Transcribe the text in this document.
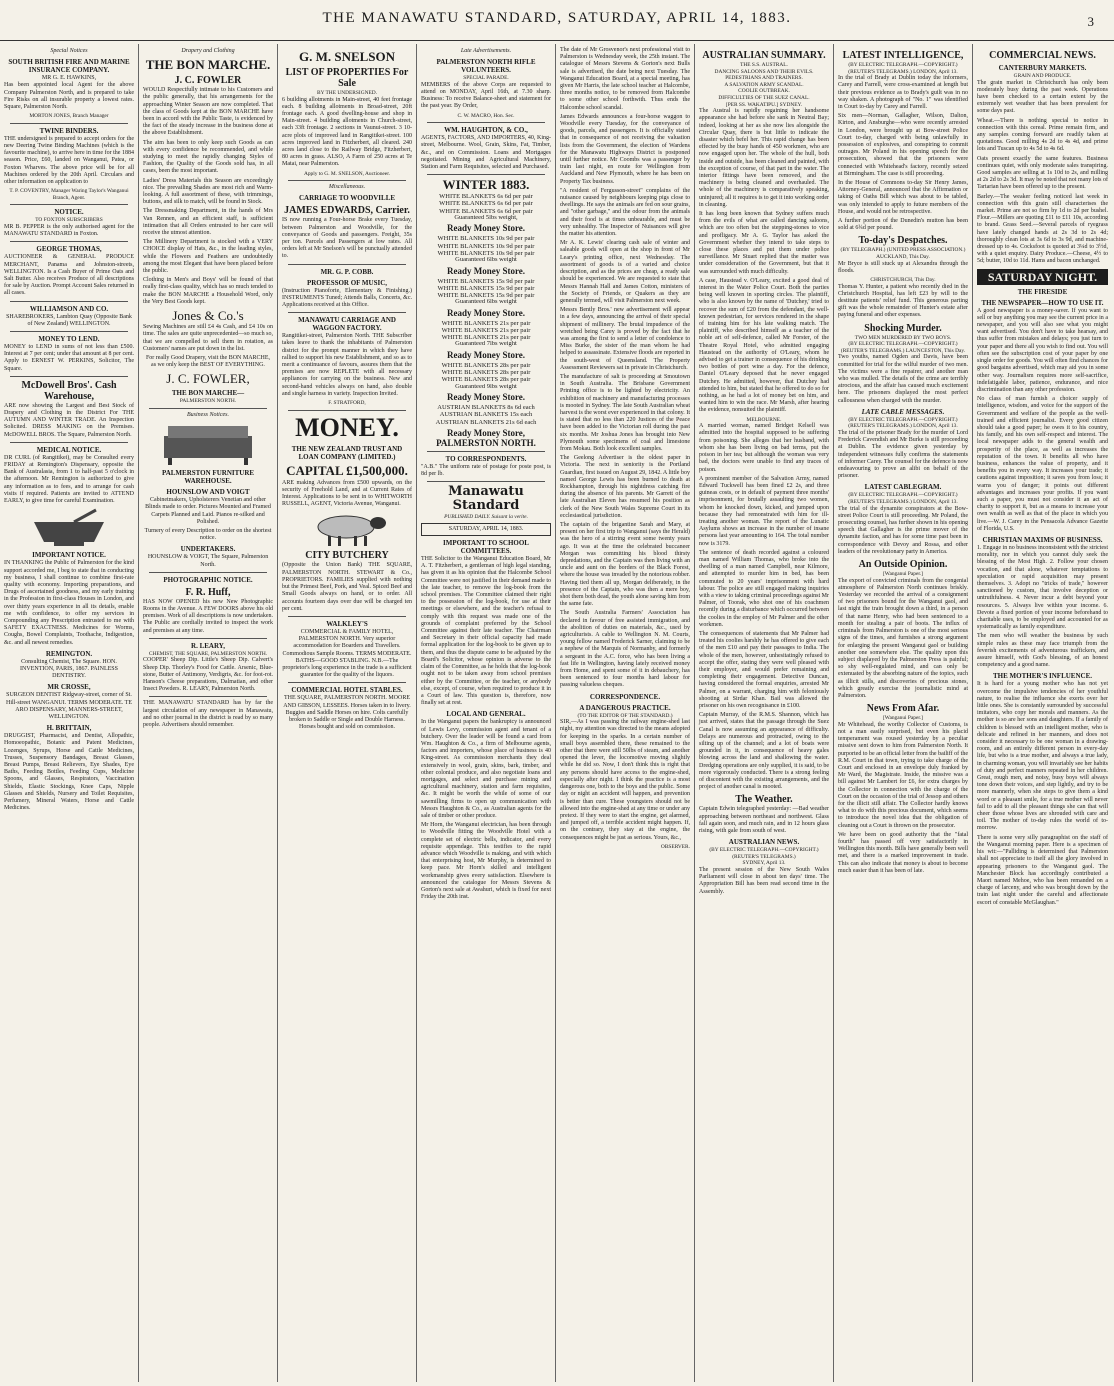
THE MANAWATU STANDARD, SATURDAY, APRIL 14, 1883.	3
Special Notices
SOUTH BRITISH FIRE AND MARINE INSURANCE COMPANY.
MR G. E. HAWKINS,
Has been appointed local Agent for the above Company Palmerston North, and is prepared to take Fire Risks on all insurable property a lowest rates. Square, Palmerston North.
MORTON JONES, Branch Manager
TWINE BINDERS.
THE undersigned is prepared to accept orders for the new Deering Twine Binding Machines (which is the favourite machine), to arrive here in time for the 1884 season. Price, £60, landed on Wanganui, Patea, or Foxton Wharves. The above price will be for all Machines ordered by the 20th April. Circulars and other information on application to
T. P. COVENTRY, Manager Waring Taylor's Wanganui Branch, Agent.
NOTICE.
TO FOXTON SUBSCRIBERS
MR B. PEPPER is the only authorised agent for the MANAWATU STANDARD in Foxton.
GEORGE THOMAS,
AUCTIONEER & GENERAL PRODUCE MERCHANT, Panama and Johnston-streets, WELLINGTON. Is a Cash Buyer of Prime Oats and Salt Butter. Also receives Produce of all descriptions for sale by Auction. Prompt Account Sales returned in all cases.
WILLIAMSON AND CO.
SHAREBROKERS, Lambton Quay (Opposite Bank of New Zealand) WELLINGTON.
MONEY TO LEND.
MONEY to LEND in sums of not less than £500. Interest at 7 per cent; under that amount at 8 per cent. Apply to ERNEST W. PERKINS, Solicitor, The Square.
McDowell Bros'. Cash Warehouse,
ARE now showing the Largest and Best Stock of Drapery and Clothing in the District For THE AUTUMN AND WINTER TRADE. An Inspection Solicited. DRESS MAKING on the Premises. McDOWELL BROS. The Square, Palmerston North.
MEDICAL NOTICE.
DR CURL (of Rangitikei), may be Consulted every FRIDAY at Remington's Dispensary, opposite the Bank of Australasia, from 1 to half-past 5 o'clock in the afternoon. Mr Remington is authorized to give any information as to fees, and to arrange for cash visits if required. Patients are invited to ATTEND EARLY, to give time for careful Examination.
IMPORTANT NOTICE.
IN THANKING the Public of Palmerston for the kind support accorded me, I beg to state that in conducting my business, I shall continue to combine first-rate quality with economy. Importing preparations, and Drugs of ascertained goodness, and my early training in the Profession in first-class Houses in London, and over thirty years experience in all its details, enable me with confidence, to offer my services in Compounding any Prescription entrusted to me with SAFETY EXACTNESS. Medicines for Worms, Coughs, Bowel Complaints, Toothache, Indigestion, &c. and all newest remedies.
REMINGTON.
Consulting Chemist, The Square. HON. INVENTION, PARIS, 1867. PAINLESS DENTISTRY.
MR CROSSE,
SURGEON DENTIST Ridgway-street, corner of St. Hill-street WANGANUI. TERMS MODERATE. TE ARO DISPENSARY, MANNERS-STREET, WELLINGTON.
H. BRITTAIN,
DRUGGIST, Pharmacist, and Dentist, Allopathic, Homoeopathic, Botanic and Patent Medicines, Lozenges, Syrups, Horse and Cattle Medicines, Trusses, Suspensory Bandages, Breast Glasses, Breast Pumps, Breast Relievers, Eye Shades, Eye Baths, Feeding Bottles, Feeding Cups, Medicine Spoons, and Glasses, Respirators, Vaccination Shields, Elastic Stockings, Knee Caps, Nipple Glasses and Shields, Nursery and Toilet Requisites, Perfumery, Mineral Waters, Horse and Cattle Medicines.
Drapery and Clothing
THE BON MARCHE.
J. C. FOWLER
WOULD Respectfully intimate to his Customers and the public generally, that his arrangements for the approaching Winter Season are now completed. That the class of Goods kept at the BON MARCHE have been in accord with the Public Taste, is evidenced by the fact of the steady increase in the business done at the above Establishment.
The aim has been to only keep such Goods as can with every confidence be recommended, and while studying to meet the rapidly changing Styles of Fashion, the Quality of the Goods sold has, in all cases, been the most important.
Ladies' Dress Materials this Season are exceedingly nice. The prevailing Shades are most rich and Warm-looking. A full assortment of these, with trimmings, buttons, and silk to match, will be found in Stock.
The Dressmaking Department, in the hands of Mrs Van Rennen, and an efficient staff, is sufficient intimation that all Orders entrusted to her care will receive the utmost attention.
The Millinery Department is stocked with a VERY CHOICE display of Hats, &c., in the leading styles, while the Flowers and Feathers are undoubtedly among the most Elegant that have been placed before the public.
Clothing in Men's and Boys' will be found of that really first-class quality, which has so much tended to make the BON MARCHE a Household Word, only the Very Best Goods kept.
Jones & Co.'s
Sewing Machines are still £4 4s Cash, and £4 10s on time. The sales are quite unprecedented—so much so, that we are compelled to sell them in rotation, as Customers' names are put down in the list.
For really Good Drapery, visit the BON MARCHE, as we only keep the BEST OF EVERYTHING.
J. C. FOWLER,
THE BON MARCHE—
PALMERSTON NORTH.
Business Notices.
PALMERSTON FURNITURE WAREHOUSE.
HOUNSLOW AND VOIGT
Cabinetmakers, Upholsterers Venetian and other Blinds made to order. Pictures Mounted and Framed Carpets Planned and Laid. Pianos re-silked and Polished.
Turnery of every Description to order on the shortest notice.
UNDERTAKERS.
HOUNSLOW & VOIGT, The Square, Palmerston North.
PHOTOGRAPHIC NOTICE.
F. R. Huff,
HAS NOW OPENED his new New Photographic Rooms in the Avenue. A FEW DOORS above his old premises. Work of all descriptions is now undertaken. The Public are cordially invited to inspect the work and premises at any time.
R. LEARY,
CHEMIST, THE SQUARE, PALMERSTON NORTH.
COOPER' Sheep Dip. Little's Sheep Dip. Calvert's Sheep Dip. Thorley's Food for Cattle. Arsenic, Blue-stone, Butter of Antimony, Verdigris, &c. for foot-rot. Hanson's Cheese preparations, Dalmatian, and other Insect Powders. R. LEARY, Palmerston North.
THE MANAWATU STANDARD has by far the largest circulation of any newspaper in Manawatu, and no other journal in the district is read by so many people. Advertisers should remember.
G. M. SNELSON
LIST OF PROPERTIES For Sale
BY THE UNDERSIGNED.
6 building allotments in Main-street, 40 feet frontage each. 8 building allotments in Broad-street, 20ft frontage each. A good dwelling-house and shop in Main-street. 4 building allotments in Church-street, each 33ft frontage. 2 sections in Vaunui-street. 3 10-acre plots of improved land in Rangitikei-street. 100 acres improved land in Fitzherbert, all cleared. 240 acres land close to the Railway Bridge, Fitzherbert, 80 acres in grass. ALSO, A Farm of 250 acres at Te Matai, near Palmerston.
Apply to G. M. SNELSON, Auctioneer.
Miscellaneous.
CARRIAGE TO WOODVILLE
JAMES EDWARDS, Carrier.
IS now running a Four-horse Brake every Tuesday, between Palmerston and Woodville, for the conveyance of Goods and passengers. Freight, 35s per ton. Parcels and Passengers at low rates. All orders left at Mr Snelson's will be punctually attended to.
MR. G. P. COBB.
PROFESSOR OF MUSIC,
(Instruction Pianoforte, Elementary & Finishing.) INSTRUMENTS Tuned; Attends Balls, Concerts, &c. Applications received at this Office.
MANAWATU CARRIAGE AND WAGGON FACTORY.
Rangitikei-street, Palmerston North. THE Subscriber takes leave to thank the inhabitants of Palmerston district for the prompt manner in which they have rallied to support his new Establishment, and so as to merit a continuance of favours, assures them that the premises are now REPLETE with all necessary appliances for carrying on the business. New and second-hand vehicles always on hand, also double and single harness in variety. Inspection Invited.
F. STRATFORD,
MONEY.
THE NEW ZEALAND TRUST AND LOAN COMPANY (LIMITED.)
CAPITAL £1,500,000.
ARE making Advances from £500 upwards, on the security of Freehold Land, and at Current Rates of Interest. Applications to be sent in to WHITWORTH RUSSELL, AGENT, Victoria Avenue, Wanganui.
CITY BUTCHERY
(Opposite the Union Bank) THE SQUARE, PALMERSTON NORTH. STEWART & Co., PROPRIETORS. FAMILIES supplied with nothing but the Primest Beef, Pork, and Veal. Spiced Beef and Small Goods always on hand, or to order. All accounts fourteen days over due will be charged ten per cent.
WALKLEY'S
COMMERCIAL & FAMILY HOTEL, PALMERSTON NORTH. Very superior accommodation for Boarders and Travellers. Commodious Sample Rooms. TERMS MODERATE. BATHS—GOOD STABLING. N.B.—The proprietor's long experience in the trade is a sufficient guarantee for the quality of the liquors.
COMMERCIAL HOTEL STABLES.
THE SQUARE, PALMERSTON NORTH. MOORE AND GIBSON, LESSEES. Horses taken in to livery. Buggies and Saddle Horses on hire. Colts carefully broken to Saddle or Single and Double Harness. Horses bought and sold on commission.
Late Advertisements.
PALMERSTON NORTH RIFLE VOLUNTEERS.
SPECIAL PARADE.
MEMBERS of the above Corps are requested to attend on MONDAY, April 16th, at 7.30 sharp. Business: To receive Balance-sheet and statement for the past year. By Order,
C. W. MACRO, Hon. Sec.
WM. HAUGHTON, & CO.,
AGENTS, FACTORS, AND IMPORTERS, 40, King-street, Melbourne. Wool, Grain, Skins, Fat, Timber, &c., and on Commission. Loans and Mortgages negotiated. Mining and Agricultural Machinery, Station and Farm Requisites, selected and Purchased.
WINTER 1883.
WHITE BLANKETS 6s 6d per pair
WHITE BLANKETS 6s 6d per pair
WHITE BLANKETS 6s 6d per pair
Guaranteed 5lbs weight,
Ready Money Store.
WHITE BLANKETS 10s 9d per pair
WHITE BLANKETS 10s 9d per pair
WHITE BLANKETS 10s 9d per pair
Guaranteed 6lbs weight
Ready Money Store.
WHITE BLANKETS 15s 9d per pair
WHITE BLANKETS 15s 9d per pair
WHITE BLANKETS 15s 9d per pair
Guaranteed 6lbs weight
Ready Money Store.
WHITE BLANKETS 21s per pair
WHITE BLANKETS 21s per pair
WHITE BLANKETS 21s per pair
Guaranteed 7lbs weight
Ready Money Store.
WHITE BLANKETS 28s per pair
WHITE BLANKETS 28s per pair
WHITE BLANKETS 28s per pair
Guaranteed 9lbs weight
Ready Money Store.
AUSTRIAN BLANKETS 8s 6d each
AUSTRIAN BLANKETS 15s each
AUSTRIAN BLANKETS 21s 6d each
Ready Money Store, PALMERSTON NORTH.
TO CORRESPONDENTS.
"A.B." The uniform rate of postage for poste post, is 8d per lb.
Manawatu Standard
PUBLISHED DAILY. Suisant la verite.
SATURDAY, APRIL 14, 1883.
IMPORTANT TO SCHOOL COMMITTEES.
THE Solicitor to the Wanganui Education Board, Mr A. T. Fitzherbert, a gentleman of high legal standing, has given it as his opinion that the Halcombe School Committee were not justified in their demand made to the late teacher, to remove the log-book from the school premises. The Committee claimed their right to the possession of the log-book, for use at their meetings or elsewhere, and the teacher's refusal to comply with this request was made one of the grounds of complaint preferred by the School Committee against their late teacher. The Chairman and Secretary in their official capacity had made formal application for the log-book to be given up to them, and thus the dispute came to be adjusted by the Board's Solicitor, whose opinion is adverse to the claim of the Committee, as he holds that the log-book ought not to be taken away from school premises either by the Committee, or the teacher, or anybody else, except, of course, when required to produce it in a Court of law. This question is, therefore, now finally set at rest.
LOCAL AND GENERAL.
In the Wanganui papers the bankruptcy is announced of Lewis Levy, commission agent and tenant of a butchery. Over the leader will be found a card from Wm. Haughton & Co., a firm of Melbourne agents, factors and importers, whose place of business is 40 King-street. As commission merchants they deal extensively in wool, grain, skins, bark, timber, and other colonial produce, and also negotiate loans and mortgages, and select and purchase mining and agricultural machinery, station and farm requisites, &c. It might be worth the while of some of our sawmilling firms to open up communication with Messrs Haughton & Co., as Australian agents for the sale of timber or other produce.
Mr Horn, the Wanganui electrician, has been through to Woodville fitting the Woodville Hotel with a complete set of electric bells, indicator, and every requisite appendage. This testifies to the rapid advance which Woodville is making, and with which that enterprising host, Mr Murphy, is determined to keep pace. Mr Horn's skilled and intelligent workmanship gives every satisfaction. Elsewhere is announced the catalogue for Messrs Stevens & Gorton's next sale at Awahuri, which is fixed for next Friday the 20th inst.
The date of Mr Grosvenor's next professional visit to Palmerston is Wednesday week, the 25th instant. The catalogue of Messrs Stevens & Gorton's next Bulls sale is advertised, the date being next Tuesday. The Wanganui Education Board, at a special meeting, has given Mr Harris, the late school teacher at Halcombe, three months notice, to be removed from Halcombe to some other school forthwith. Thus ends the Halcombe school scandal.
James Edwards announces a four-horse waggon to Woodville every Tuesday, for the conveyance of goods, parcels, and passengers. It is officially stated that in consequence of not receiving the valuation lists from the Government, the election of Wardens for the Manawatu Highways District is postponed until further notice. Mr Coombs was a passenger by train last night, en route for Wellington from Auckland and New Plymouth, where he has been on Property Tax business.
"A resident of Fergusson-street" complains of the nuisance caused by neighbours keeping pigs close to dwellings. He says the animals are fed on sour grains, and "other garbage," and the odour from the animals and their food is at times unbearable, and must be very unhealthy. The Inspector of Nuisances will give the matter his attention.
Mr A. K. Lewis' clearing cash sale of winter and saleable goods will open at the shop in front of Mr Leary's printing office, next Wednesday. The assortment of goods is of a varied and choice description, and as the prices are cheap, a ready sale should be experienced. We are requested to state that Messrs Hannah Hall and James Cotton, ministers of the Society of Friends, or Quakers as they are generally termed, will visit Palmerston next week.
Messrs Bently Bros.' new advertisement will appear in a few days, announcing the arrival of their special shipment of millinery. The brutal impudence of the wretched being Carey is proved by the fact that he was among the first to send a letter of condolence to Miss Burke, the sister of the man whom he had helped to assassinate. Extensive floods are reported in the south-west of Queensland. The Property Assessment Reviewers sat in private in Christchurch.
The manufacture of salt is proceeding at Smoutown in South Australia. The Brisbane Government Printing office is to be lighted by electricity. An exhibition of machinery and manufacturing processes is mooted in Sydney. The late South Australian wheat harvest is the worst ever experienced in that colony. It is stated that no less than 220 Justices of the Peace have been added to the Victorian roll during the past six months. Mr Joshua Jones has brought into New Plymouth some specimens of coal and limestone from Mokau. Both look excellent samples.
The Geelong Advertiser is the oldest paper in Victoria. The next in seniority is the Portland Guardian, first issued on August 29, 1842. A little boy named George Lewis has been burned to death at Rockhampton, through his nightdress catching fire during the absence of his parents. Mr Garrett of the late Australian Eleven has resumed his position as clerk of the New South Wales Supreme Court in its ecclesiastical jurisdiction.
The captain of the brigantine Sarah and Mary, at present on her first trip to Wanganui (says the Herald) was the hero of a stirring event some twenty years ago. It was at the time the celebrated buccaneer Morgan was committing his blood thirsty depredations, and the Captain was then living with an uncle and aunt on the borders of the Black Forest, where the house was invaded by the notorious robber. Having tied them all up, Morgan deliberately, in the presence of the Captain, who was then a mere boy, shot them both dead, the youth alone saving him from the same fate.
The South Australia Farmers' Association has declared in favour of free assisted immigration, and the abolition of duties on materials, &c., used by agriculturists. A cable to Wellington N. M. Courts, young fellow named Frederick Sarner, claiming to be a nephew of the Marquis of Normanby, and formerly a sergeant in the A.C. force, who has been living a fast life in Wellington, having lately received money from Home, and spent some of it in debauchery, has been sentenced to four months hard labour for passing valueless cheques.
CORRESPONDENCE.
A DANGEROUS PRACTICE.
(TO THE EDITOR OF THE STANDARD.)
SIR,—As I was passing the railway engine-shed last night, my attention was directed to the means adopted for keeping in the sparks. In a certain number of small boys assembled there, these remained to the other that there were still 50lbs of steam, and another opened the lever, the locomotive moving slightly while he did so. Now, I don't think this is right that any persons should have access to the engine-shed, especially after night. I think the practice is a most dangerous one, both to the boys and the public. Some day or night an accident will happen, and prevention is better than cure. These youngsters should not be allowed into the engine-shed at any time or under any pretext. If they were to start the engine, get alarmed, and jumped off, a terrible accident might happen. If, on the contrary, they stay at the engine, the consequences might be just as serious. Yours, &c.,
OBSERVER.
AUSTRALIAN SUMMARY.
THE S.S. AUSTRAL.
DANCING SALOONS AND THEIR EVILS.
PEDESTRIANS AND TRAINERS.
A SALVATION ARMY SCANDAL.
COOLIE OUTBREAK.
DIFFICULTIES OF THE SUEZ CANAL.
[PER SS. WAKATIPU.] SYDNEY.
The Austral is rapidly regaining her handsome appearance she had before she sank in Neutral Bay; indeed, looking at her as she now lies alongside the Circular Quay, there is but little to indicate the disaster which befel her. This rapid change has been effected by the busy hands of 450 workmen, who are now engaged upon her. The whole of the hull, both inside and outside, has been cleaned and painted, with the exception of course, of that part in the water. The interior fittings have been removed, and the machinery is being cleaned and overhauled. The whole of the machinery is comparatively speaking, uninjured; all it requires is to get it into working order in cleaning.
It has long been known that Sydney suffers much from the evils of what are called dancing saloons, which are too often but the stepping-stones to vice and profligacy. Mr A. G. Taylor has asked the Government whether they intend to take steps to close these places and put them under police surveillance. Mr Stuart replied that the matter was under consideration of the Government, but that it was surrounded with much difficulty.
A case, Haustead v. O'Leary, excited a good deal of interest in the Water Police Court. Both the parties being well known in sporting circles. The plaintiff, who is also known by the name of 'Dutchey,' tried to recover the sum of £20 from the defendant, the well-known pedestrian, for services rendered in the shape of training him for his late walking match. The plaintiff, who described himself as a teacher of the noble art of self-defence, called Mr Forster, of the Theatre Royal Hotel, who admitted engaging Haustead on the authority of O'Leary, whom he advised to get a trainer in consequence of his drinking two bottles of port wine a day. For the defence, Daniel O'Leary deposed that he never engaged Dutchey. He admitted, however, that Dutchey had attended to him, but stated that he offered to do so for nothing, as he had a lot of money bet on him, and wanted him to win the race. Mr Marsh, after hearing the evidence, nonsuited the plaintiff.
MELBOURNE.
A married woman, named Bridget Kelsell was admitted into the hospital supposed to be suffering from poisoning. She alleges that her husband, with whom she has been living on bad terms, put the poison in her tea; but although the woman was very bad, the doctors were unable to find any traces of poison.
A prominent member of the Salvation Army, named Edward Tuckwell has been fined £2 2s, and three guineas costs, or in default of payment three months' imprisonment, for brutally assaulting two women, whom he knocked down, kicked, and jumped upon because they had remonstrated with him for ill-treating another woman. The report of the Lunatic Asylums shows an increase in the number of insane persons last year amounting to 164. The total number now is 3179.
The sentence of death recorded against a coloured man named William Thomas, who broke into the dwelling of a man named Campbell, near Kilmore, and attempted to murder him in bed, has been commuted to 20 years' imprisonment with hard labour. The police are still engaged making inquiries with a view to taking criminal proceedings against Mr Palmer, of Toorak, who shot one of his coachmen recently during a disturbance which occurred between the coolies in the employ of Mr Palmer and the other workmen.
The consequences of statements that Mr Palmer had treated his coolies harshly he has offered to give each of the men £10 and pay their passages to India. The whole of the men, however, unhesitatingly refused to accept the offer, stating they were well pleased with their employer, and would prefer remaining and completing their engagement. Detective Duncan, having considered the formal enquiries, arrested Mr Palmer, on a warrant, charging him with feloniously shooting at Sirdar Khan. Bail was allowed the prisoner on his own recognisance in £100.
Captain Murray, of the R.M.S. Shannon, which has just arrived, states that the passage through the Suez Canal is now assuming an appearance of difficulty. Delays are numerous and protracted, owing to the silting up of the channel; and a lot of boats were grounded in it, in consequence of heavy gales blowing across the land and shallowing the water. Dredging operations are only supplied, it is said, to be more vigorously conducted. There is a strong feeling of discontent with the existing arrangements, and the project of another canal is mooted.
The Weather.
Captain Edwin telegraphed yesterday: —Bad weather approaching between northeast and northwest. Glass fall again soon, and much rain, and in 12 hours glass rising, with gale from south of west.
AUSTRALIAN NEWS.
(BY ELECTRIC TELEGRAPH.—COPYRIGHT.) (REUTER'S TELEGRAMS.)
SYDNEY, April 13.
The present session of the New South Wales Parliament will close in about ten days' time. The Appropriation Bill has been read second time in the Assembly.
LATEST INTELLIGENCE,
(BY ELECTRIC TELEGRAPH.—COPYRIGHT.) (REUTER'S TELEGRAMS.) LONDON, April 13.
In the trial of Brady at Dublin today the informers, Carey and Farrell, were cross-examined at length but their previous evidence as to Brady's guilt was in no way shaken. A photograph of "No. 1" was identified in Court to-day by Carey and Farrell.
Six men—Norman, Gallagher, Wilson, Dalton, Kirton, and Ansburghe—who were recently arrested in London, were brought up at Bow-street Police Court to-day, charged with being unlawfully in possession of explosives, and conspiring to commit outrages. Mr Poland in his opening speech for the prosecution, showed that the prisoners were connected with Whitehead's factory, recently seized at Birmingham. The case is still proceeding.
In the House of Commons to-day Sir Henry James, Attorney-General, announced that the Affirmation or taking of Oaths Bill which was about to be tabled, was only intended to apply to future members of the House, and would not be retrospective.
A further portion of the Dunedin's mutton has been sold at 6¾d per pound.
To-day's Despatches.
(BY TELEGRAPH.) (UNITED PRESS ASSOCIATION.) AUCKLAND, This Day.
Mr Bryce is still stuck up at Alexandra through the floods.
CHRISTCHURCH, This Day.
Thomas Y. Hunter, a patient who recently died in the Christchurch Hospital, has left £23 by will to the destitute patients' relief fund. This generous parting gift was the whole remainder of Hunter's estate after paying funeral and other expenses.
Shocking Murder.
TWO MEN MURDERED BY TWO BOYS.
(BY ELECTRIC TELEGRAPH.—COPYRIGHT.) (REUTER'S TELEGRAMS.) LAUNCESTON, This Day.
Two youths, named Ogden and Davis, have been committed for trial for the wilful murder of two men. The victims were a fine repairer, and another man who was mulled. The details of the crime are terribly atrocious, and the affair has caused much excitement here. The prisoners displayed the most perfect callousness when charged with the murder.
LATE CABLE MESSAGES.
(BY ELECTRIC TELEGRAPH.—COPYRIGHT.) (REUTER'S TELEGRAMS.) LONDON, April 13.
The trial of the prisoner Brady for the murder of Lord Frederick Cavendish and Mr Burke is still proceeding at Dublin. The evidence given yesterday by independent witnesses fully confirms the statements of informer Carey. The counsel for the defence is now endeavouring to prove an alibi on behalf of the prisoner.
LATEST CABLEGRAM.
(BY ELECTRIC TELEGRAPH.—COPYRIGHT.) (REUTER'S TELEGRAMS.) LONDON, April 13.
The trial of the dynamite conspirators at the Bow-street Police Court is still proceeding. Mr Poland, the prosecuting counsel, has further shown in his opening speech that Gallagher is the prime mover of the dynamite faction, and has for some time past been in correspondence with Devoy and Rossa, and other leaders of the revolutionary party in America.
An Outside Opinion.
[Wanganui Paper.]
The export of convicted criminals from the congenial atmosphere of Palmerston North continues briskly. Yesterday we recorded the arrival of a consignment of two prisoners bound for the Wanganui gaol, and last night the train brought down a third, in a person of that name Henry, who had been sentenced to a month for stealing a pair of boots. The influx of criminals from Palmerston is one of the most serious signs of the times, and furnishes a strong argument for enlarging the present Wanganui gaol or building another one somewhere else. The quality upon this subject displayed by the Palmerston Press is painful; so shy well-regulated mind, and can only be extenuated by the absorbing nature of the topics, such as illicit stills, and discoveries of precious stones, which greatly exercise the journalistic mind at Palmerston.
News From Afar.
[Wanganui Paper.]
Mr Whitehead, the worthy Collector of Customs, is not a man easily surprised, but even his placid temperament was roused yesterday by a peculiar missive sent down to him from Palmerston North. It purported to be an official letter from the bailiff of the R.M. Court in that town, trying to take charge of the Court and enclosed in an envelope duly franked by Mr Ward, the Magistrate. Inside, the missive was a bill against Mr Lambert for £6, for extra charges by the Collector in connection with the charge of the Court on the occasion of the trial of Jessop and others for the illicit still affair. The Collector hardly knows what to do with this precious document, which seems to introduce the novel idea that the obligation of cleaning out a Court is thrown on the prosecutor.
We have been on good authority that the "fatal fourth" has passed off very satisfactorily in Wellington this month. Bills have generally been well met, and there is a marked improvement in trade. This can also indicate that money is about to become much easier than it has been of late.
COMMERCIAL NEWS.
CANTERBURY MARKETS.
GRAIN AND PRODUCE.
The grain market in Christchurch has only been moderately busy during the past week. Operations have been checked to a certain extent by the extremely wet weather that has been prevalent for some days past.
Wheat.—There is nothing special to notice in connection with this cereal. Prime remain firm, and any samples coming forward are readily taken at quotations. Good milling 4s 2d to 4s 4d, and prime lots and Tuscan up to 4s 5d to 4s 6d.
Oats present exactly the same features. Business continues quiet, with only moderate sales transpiring. Good samples are selling at 1s 10d to 2s, and milling at 2s 2d to 2s 3d. It may be noted that not many lots of Tartarian have been offered up to the present.
Barley.—The weaker feeling noticed last week in connection with this grain still characterises the market. Prime are not so firm by 1d to 2d per bushel. Flour.—Millers are quoting £11 to £11 10s, according to brand. Grass Seed.—Several parcels of ryegrass have lately changed hands at 2s 3d to 2s 4d; thoroughly clean lots at 3s 6d to 3s 9d, and machine-dressed up to 4s. Cocksfoot is quoted at 3¼d to 3½d, with a quiet enquiry. Dairy Produce.—Cheese, 4½ to 5d; butter, 10d to 11d. Hams and bacon unchanged.
SATURDAY NIGHT.
THE FIRESIDE
THE NEWSPAPER—HOW TO USE IT.
A good newspaper is a money-saver. If you want to sell or buy anything you may see the current price in a newspaper, and you will also see what you might want advertised. You don't have to take hearsay, and thus suffer from mistakes and delays; you just turn to your paper and there all you wish to find out. You will often see the subscription cost of your paper by one single order for goods. You will often find chances for good bargains advertised, which may aid you in some other way. Journalism requires more self-sacrifice, indefatigable labor, patience, endurance, and nice discrimination than any other profession.
No class of man furnish a choicer supply of intelligence, wisdom, and voice for the support of the Government and welfare of the people as the well-trained and efficient journalist. Every good citizen should take a good paper; he owes it to his country, his family, and his own self-respect and interest. The local newspaper adds to the general wealth and prosperity of the place, as well as increases the reputation of the town. It benefits all who have business, enhances the value of property, and it benefits you in every way. It increases your trade; it cautions against imposition; it saves you from loss; it warns you of danger; it points out different advantages and increases your profits. If you want such a paper, you must not consider it an act of charity to support it, but as a means to increase your own wealth as well as that of the place in which you live.—W. J. Carey in the Pensacola Advance Gazette of Florida, U.S.
CHRISTIAN MAXIMS OF BUSINESS.
1. Engage in no business inconsistent with the strictest morality, nor in which you cannot duly seek the blessing of the Most High. 2. Follow your chosen vocation, and that alone, whatever temptations to speculation or rapid acquisition may present themselves. 3. Adopt no "tricks of trade," however sanctioned by custom, that involve deception or untruthfulness. 4. Never incur a debt beyond your resources. 5. Always live within your income. 6. Devote a fixed portion of your income beforehand to charitable uses, to be employed and accounted for as systematically as family expenditure.
The men who will weather the business by such simple rules as these may face triumph from the feverish excitements of adventurous traffickers, and assure himself, with God's blessing, of an honest competency and a good name.
THE MOTHER'S INFLUENCE.
It is hard for a young mother who has not yet overcome the impulsive tendencies of her youthful nature, to realise the influence she exerts over her little ones. She is constantly surrounded by successful imitators, who copy her morals and manners. As the mother is so are her sons and daughters. If a family of children is blessed with an intelligent mother, who is delicate and refined in her manners, and does not consider it necessary to be one woman in a drawing-room, and an entirely different person in every-day life, but who is a true mother, and always a true lady, in charming woman, you will invariably see her habits of duty and perfect manners repeated in her children. Great, rough men, and noisy, busy boys will always tone down their voices, and step lightly, and try to be more mannerly, when she steps to give them a kind word or a pleasant smile, for a true mother will never fail to add to all the pleasant things she can that will cheer those whose lives are shrouded with care and toil. The mother of to-day rules the world of to-morrow.
There is some very silly paragraphist on the staff of the Wanganui morning paper. Here is a specimen of his wit:—"Palliding is determined that Palmerston shall not appreciate to itself all the glory involved in appearing prisoners to the Wanganui gaol. The Manchester Block has accordingly contributed a Maori named Mehoe, who has been remanded on a charge of larceny, and who was brought down by the train last night under the careful and affectionate escort of constable McGlaughan."
